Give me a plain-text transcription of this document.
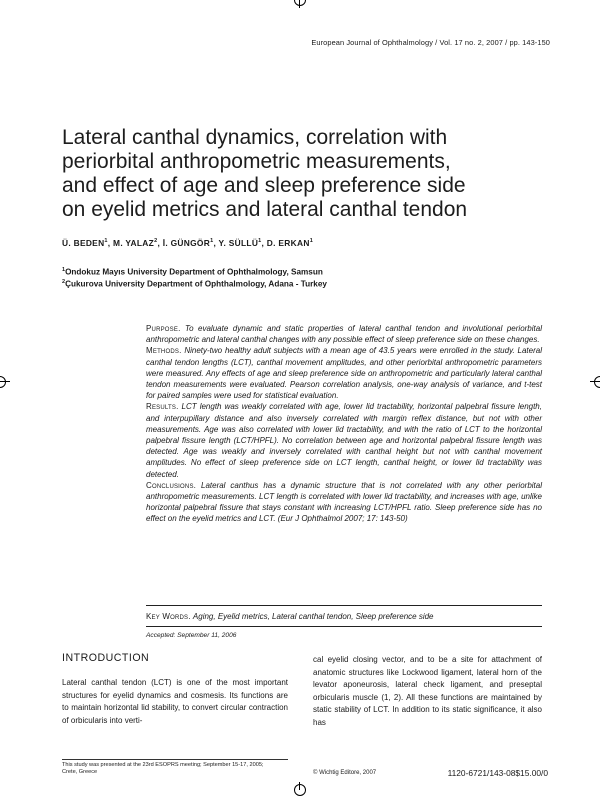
European Journal of Ophthalmology / Vol. 17 no. 2, 2007 / pp. 143-150
Lateral canthal dynamics, correlation with
periorbital anthropometric measurements,
and effect of age and sleep preference side
on eyelid metrics and lateral canthal tendon
Ü. BEDEN$^1$, M. YALAZ$^2$, İ. GÜNGÖR$^1$, Y. SÜLLÜ$^1$, D. ERKAN$^1$
$^1$Ondokuz Mayıs University Department of Ophthalmology, Samsun
$^2$Çukurova University Department of Ophthalmology, Adana - Turkey

Purpose. To evaluate dynamic and static properties of lateral canthal tendon and involutional periorbital anthropometric and lateral canthal changes with any possible effect of sleep preference side on these changes.

Methods. Ninety-two healthy adult subjects with a mean age of 43.5 years were enrolled in the study. Lateral canthal tendon lengths (LCT), canthal movement amplitudes, and other periorbital anthropometric parameters were measured. Any effects of age and sleep preference side on anthropometric and particularly lateral canthal tendon measurements were evaluated. Pearson correlation analysis, one-way analysis of variance, and t-test for paired samples were used for statistical evaluation.

Results. LCT length was weakly correlated with age, lower lid tractability, horizontal palpebral fissure length, and interpupillary distance and also inversely correlated with margin reflex distance, but not with other measurements. Age was also correlated with lower lid tractability, and with the ratio of LCT to the horizontal palpebral fissure length (LCT/HPFL). No correlation between age and horizontal palpebral fissure length was detected. Age was weakly and inversely correlated with canthal height but not with canthal movement amplitudes. No effect of sleep preference side on LCT length, canthal height, or lower lid tractability was detected.

Conclusions. Lateral canthus has a dynamic structure that is not correlated with any other periorbital anthropometric measurements. LCT length is correlated with lower lid tractability, and increases with age, unlike horizontal palpebral fissure that stays constant with increasing LCT/HPFL ratio. Sleep preference side has no effect on the eyelid metrics and LCT. (Eur J Ophthalmol 2007; 17: 143-50)

Key Words. Aging, Eyelid metrics, Lateral canthal tendon, Sleep preference side
Accepted: September 11, 2006
INTRODUCTION
Lateral canthal tendon (LCT) is one of the most important structures for eyelid dynamics and cosmesis. Its functions are to maintain horizontal lid stability, to convert circular contraction of orbicularis into verti-
cal eyelid closing vector, and to be a site for attachment of anatomic structures like Lockwood ligament, lateral horn of the levator aponeurosis, lateral check ligament, and preseptal orbicularis muscle (1, 2). All these functions are maintained by static stability of LCT. In addition to its static significance, it also has
This study was presented at the 23rd ESOPRS meeting; September 15-17, 2005; Crete, Greece	© Wichtig Editore, 2007	1120-6721/143-08$15.00/0
